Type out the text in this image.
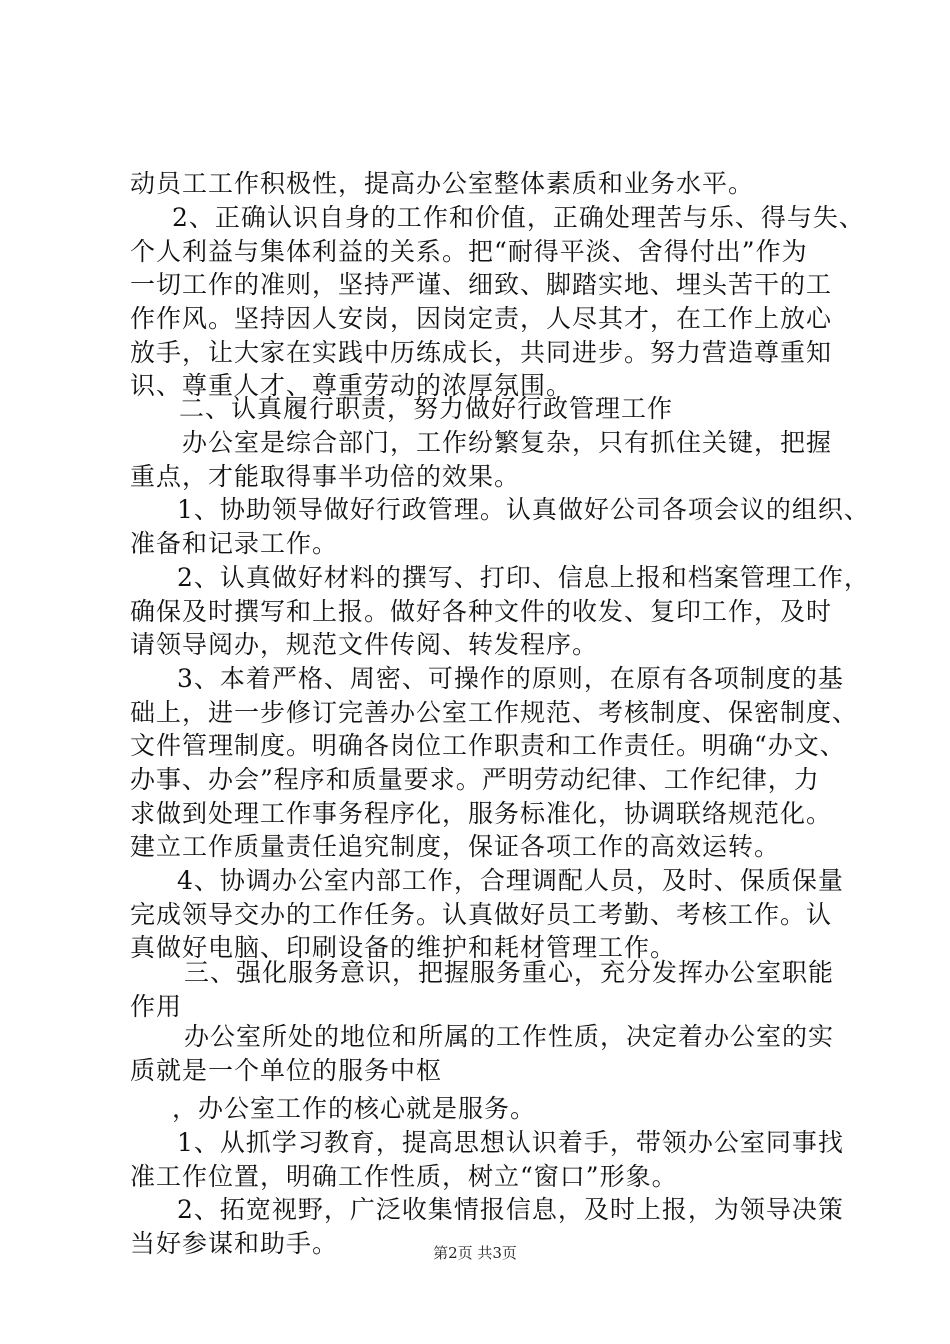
动员工工作积极性，提高办公室整体素质和业务水平。
2、正确认识自身的工作和价值，正确处理苦与乐、得与失、
个人利益与集体利益的关系。把“耐得平淡、舍得付出”作为
一切工作的准则，坚持严谨、细致、脚踏实地、埋头苦干的工
作作风。坚持因人安岗，因岗定责，人尽其才，在工作上放心
放手，让大家在实践中历练成长，共同进步。努力营造尊重知
识、尊重人才、尊重劳动的浓厚氛围。
二、认真履行职责，努力做好行政管理工作
办公室是综合部门，工作纷繁复杂，只有抓住关键，把握
重点，才能取得事半功倍的效果。
1、协助领导做好行政管理。认真做好公司各项会议的组织、
准备和记录工作。
2、认真做好材料的撰写、打印、信息上报和档案管理工作，
确保及时撰写和上报。做好各种文件的收发、复印工作，及时
请领导阅办，规范文件传阅、转发程序。
3、本着严格、周密、可操作的原则，在原有各项制度的基
础上，进一步修订完善办公室工作规范、考核制度、保密制度、
文件管理制度。明确各岗位工作职责和工作责任。明确“办文、
办事、办会”程序和质量要求。严明劳动纪律、工作纪律，力
求做到处理工作事务程序化，服务标准化，协调联络规范化。
建立工作质量责任追究制度，保证各项工作的高效运转。
4、协调办公室内部工作，合理调配人员，及时、保质保量
完成领导交办的工作任务。认真做好员工考勤、考核工作。认
真做好电脑、印刷设备的维护和耗材管理工作。
三、强化服务意识，把握服务重心，充分发挥办公室职能
作用
办公室所处的地位和所属的工作性质，决定着办公室的实
质就是一个单位的服务中枢
，办公室工作的核心就是服务。
1、从抓学习教育，提高思想认识着手，带领办公室同事找
准工作位置，明确工作性质，树立“窗口”形象。
2、拓宽视野，广泛收集情报信息，及时上报，为领导决策
当好参谋和助手。	第2页 共3页
